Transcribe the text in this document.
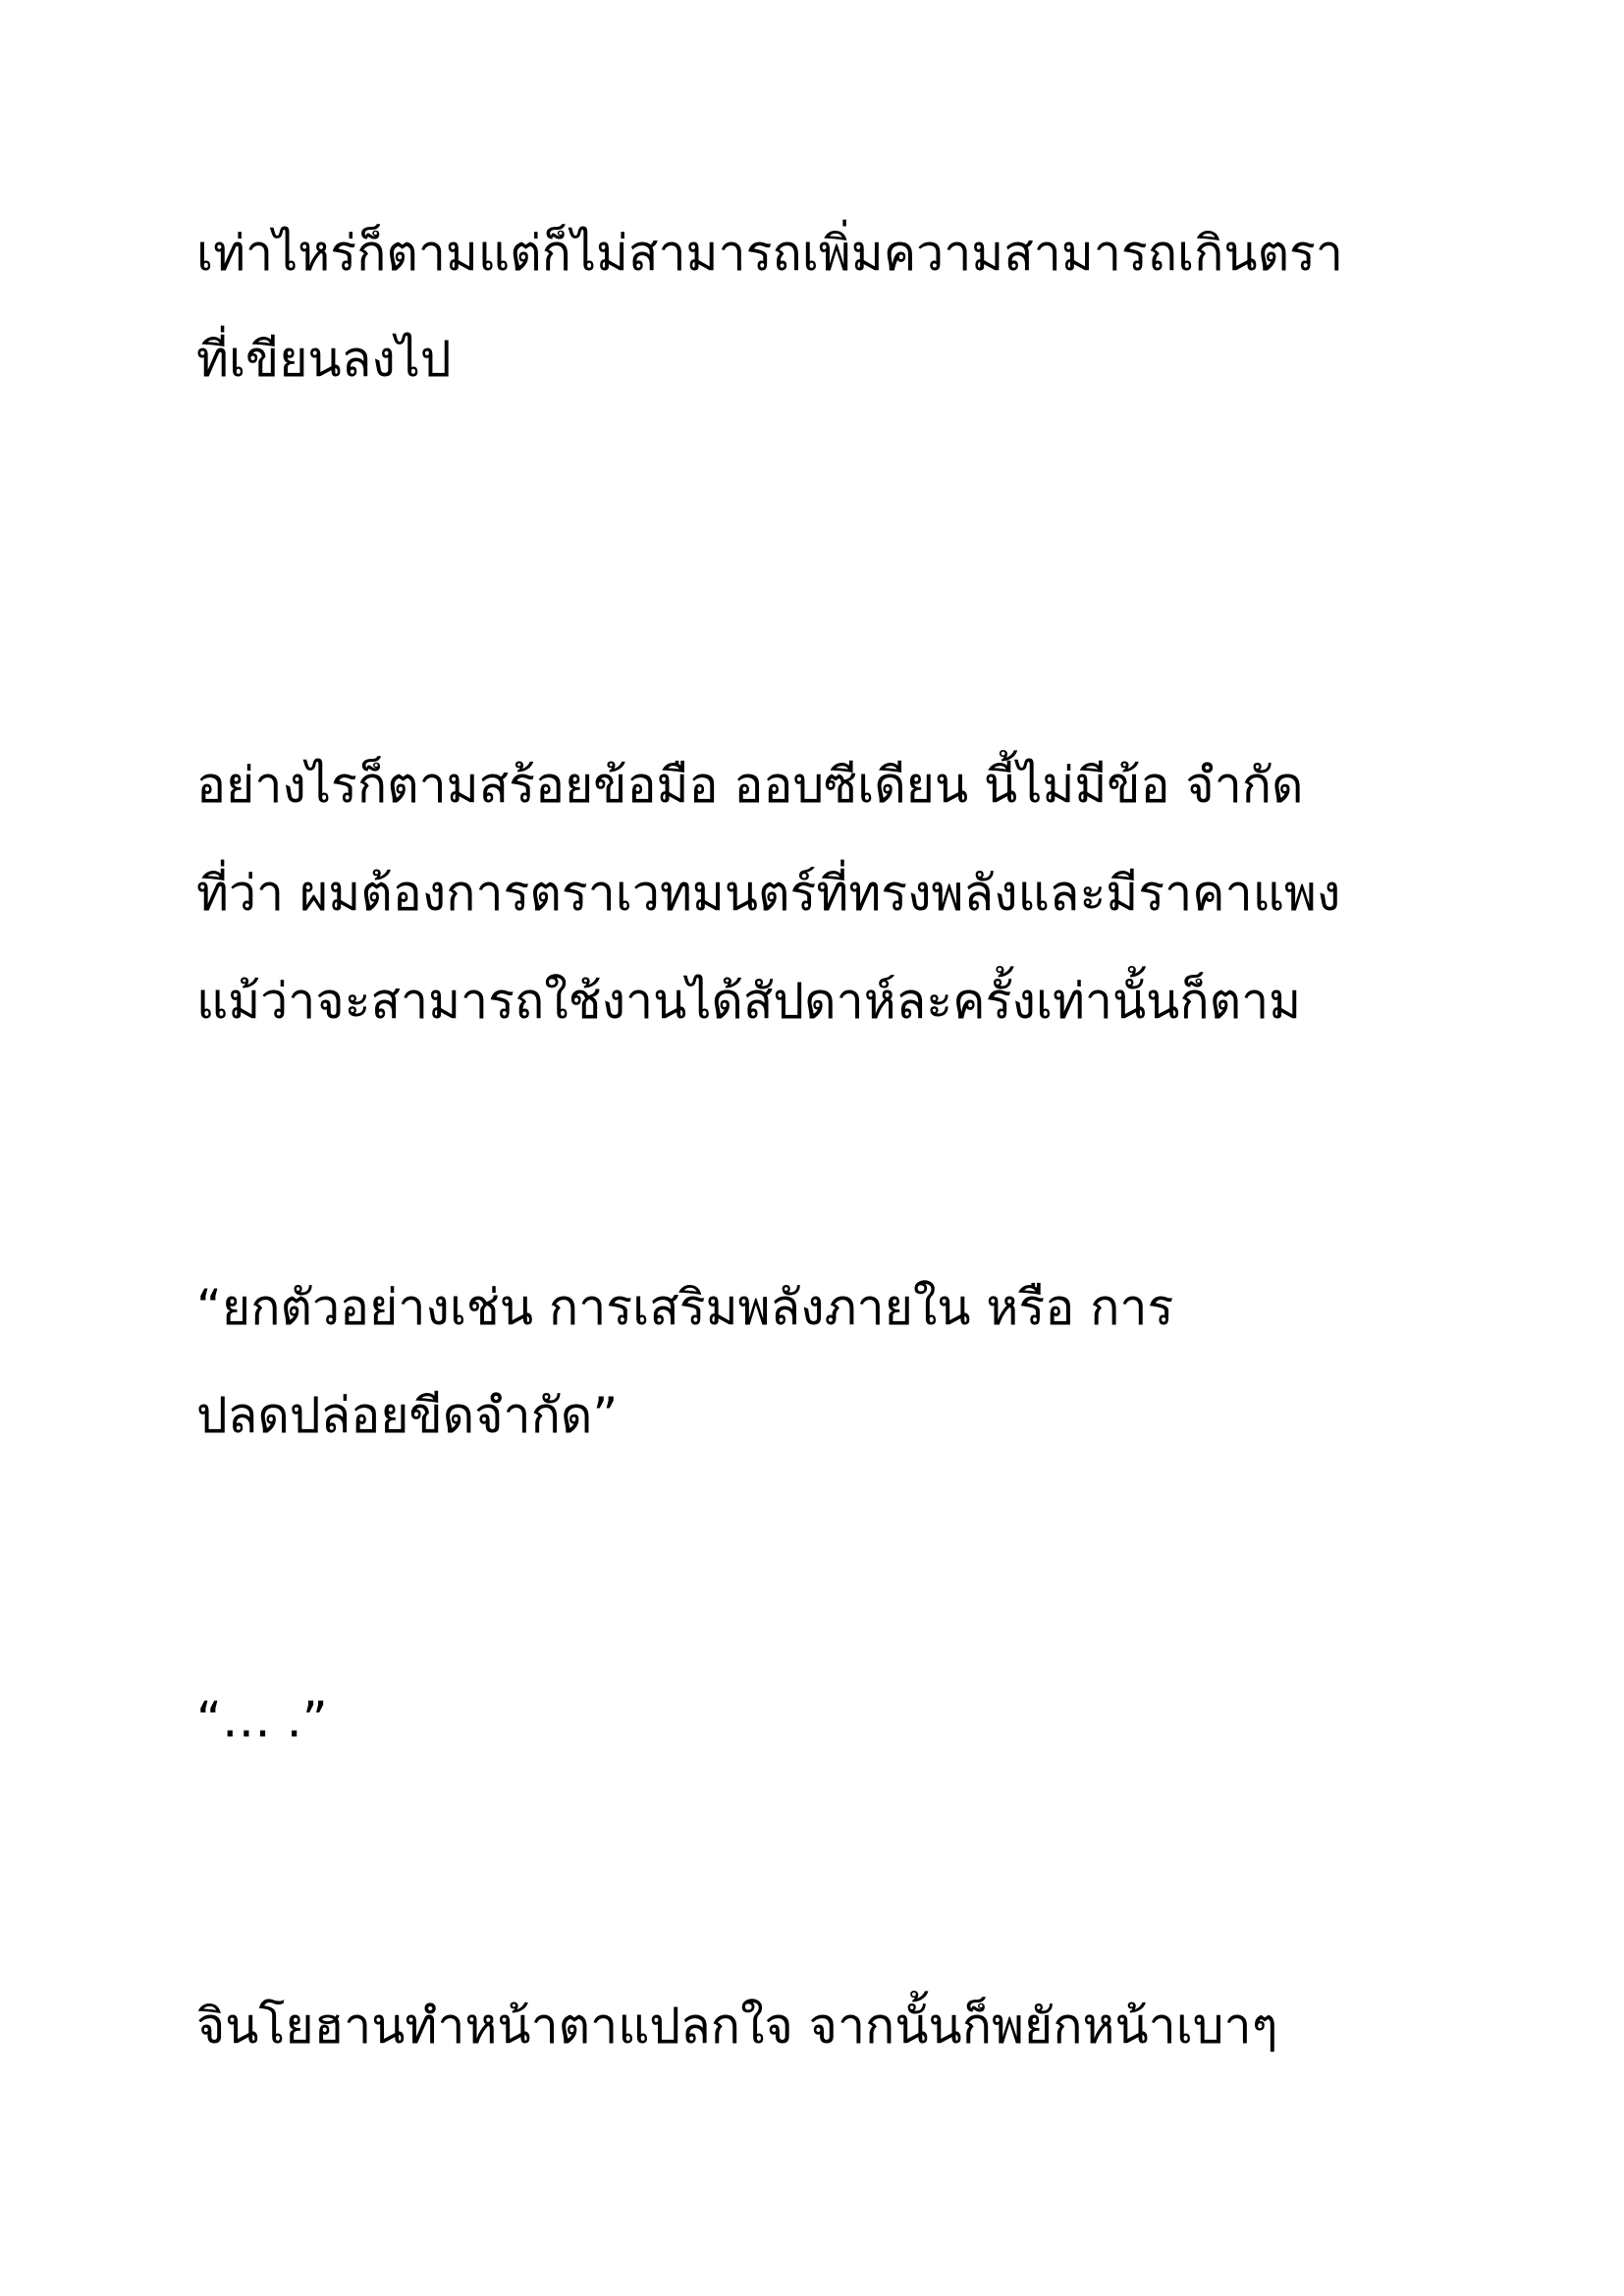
เท่าไหร่ก็ตามแต่ก็ไม่สามารถเพิ่มความสามารถเกินตรา

ที่เขียนลงไป

อย่างไรก็ตามสร้อยข้อมือ ออบซีเดียน นี้ไม่มีข้อ จำกัด

ที่ว่า ผมต้องการตราเวทมนตร์ที่ทรงพลังและมีราคาแพง

แม้ว่าจะสามารถใช้งานได้สัปดาห์ละครั้งเท่านั้นก็ตาม

“ยกตัวอย่างเช่น การเสริมพลังภายใน หรือ การ

ปลดปล่อยขีดจำกัด”

“… .”

จินโยฮานทำหน้าตาแปลกใจ จากนั้นก็พยักหน้าเบาๆ
